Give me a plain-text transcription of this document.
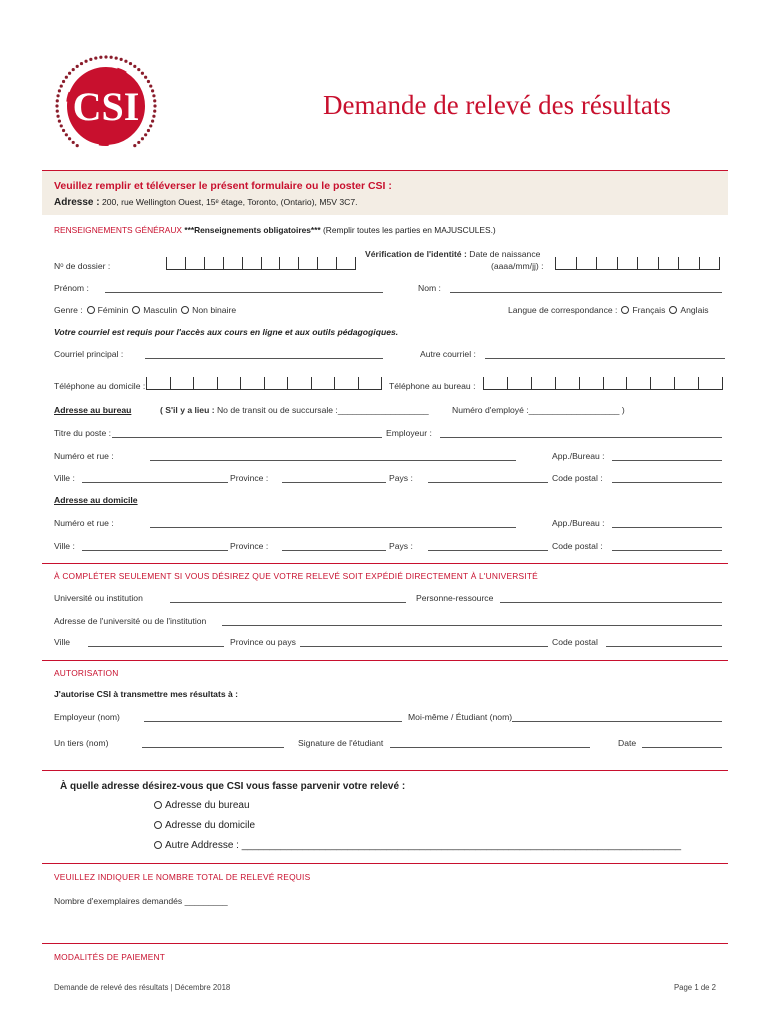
CSI	Demande de relevé des résultats
Veuillez remplir et téléverser le présent formulaire ou le poster CSI :
Adresse : 200, rue Wellington Ouest, 15ᵉ étage, Toronto, (Ontario), M5V 3C7.
RENSEIGNEMENTS GÉNÉRAUX ***Renseignements obligatoires*** (Remplir toutes les parties en MAJUSCULES.)
Nᵒ de dossier :
Vérification de l'identité : Date de naissance
(aaaa/mm/jj) :
Prénom :	Nom :
Genre : Féminin Masculin Non binaire	Langue de correspondance : Français Anglais
Votre courriel est requis pour l'accès aux cours en ligne et aux outils pédagogiques.
Courriel principal :	Autre courriel :
Téléphone au domicile :	Téléphone au bureau :
Adresse au bureau	( S'il y a lieu : No de transit ou de succursale :___________________	Numéro d'employé :___________________ )
Titre du poste :	Employeur :
Numéro et rue :	App./Bureau :
Ville :	Province :	Pays :	Code postal :
Adresse au domicile
Numéro et rue :	App./Bureau :
Ville :	Province :	Pays :	Code postal :
À COMPLÉTER SEULEMENT SI VOUS DÉSIREZ QUE VOTRE RELEVÉ SOIT EXPÉDIÉ DIRECTEMENT À L'UNIVERSITÉ
Université ou institution	Personne-ressource
Adresse de l'université ou de l'institution
Ville	Province ou pays	Code postal
AUTORISATION
J'autorise CSI à transmettre mes résultats à :
Employeur (nom)	Moi-même / Étudiant (nom)
Un tiers (nom)	Signature de l'étudiant	Date
À quelle adresse désirez-vous que CSI vous fasse parvenir votre relevé :
Adresse du bureau
Adresse du domicile
Autre Addresse : _______________________________________________________________________________
VEUILLEZ INDIQUER LE NOMBRE TOTAL DE RELEVÉ REQUIS
Nombre d'exemplaires demandés _________
MODALITÉS DE PAIEMENT
Demande de relevé des résultats | Décembre 2018	Page 1 de 2
